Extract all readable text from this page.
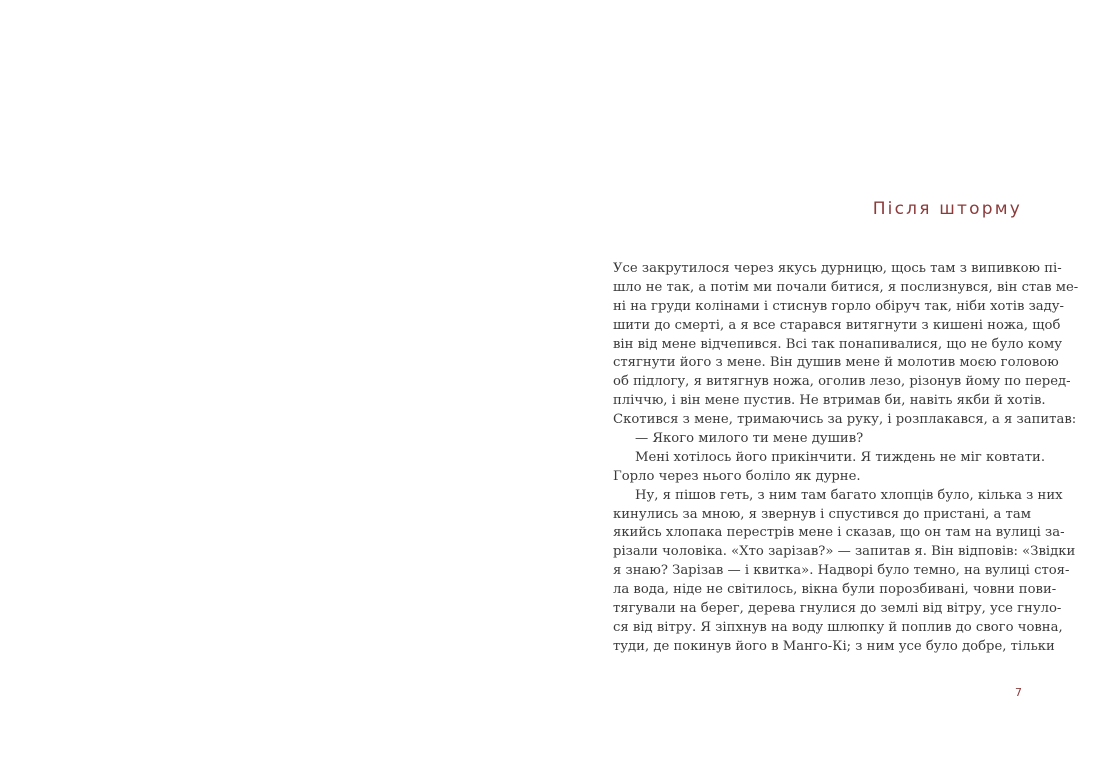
Після шторму
Усе закрутилося через якусь дурницю, щось там з випивкою пі-
шло не так, а потім ми почали битися, я послизнувся, він став ме-
ні на груди колінами і стиснув горло обіруч так, ніби хотів заду-
шити до смерті, а я все старався витягнути з кишені ножа, щоб
він від мене відчепився. Всі так понапивалися, що не було кому
стягнути його з мене. Він душив мене й молотив моєю головою
об підлогу, я витягнув ножа, оголив лезо, різонув йому по перед-
пліччю, і він мене пустив. Не втримав би, навіть якби й хотів.
Скотився з мене, тримаючись за руку, і розплакався, а я запитав:
— Якого милого ти мене душив?
Мені хотілось його прикінчити. Я тиждень не міг ковтати.
Горло через нього боліло як дурне.
Ну, я пішов геть, з ним там багато хлопців було, кілька з них
кинулись за мною, я звернув і спустився до пристані, а там
якийсь хлопака перестрів мене і сказав, що он там на вулиці за-
різали чоловіка. «Хто зарізав?» — запитав я. Він відповів: «Звідки
я знаю? Зарізав — і квитка». Надворі було темно, на вулиці стоя-
ла вода, ніде не світилось, вікна були порозбивані, човни пови-
тягували на берег, дерева гнулися до землі від вітру, усе гнуло-
ся від вітру. Я зіпхнув на воду шлюпку й поплив до свого човна,
туди, де покинув його в Манго-Кі; з ним усе було добре, тільки
7
